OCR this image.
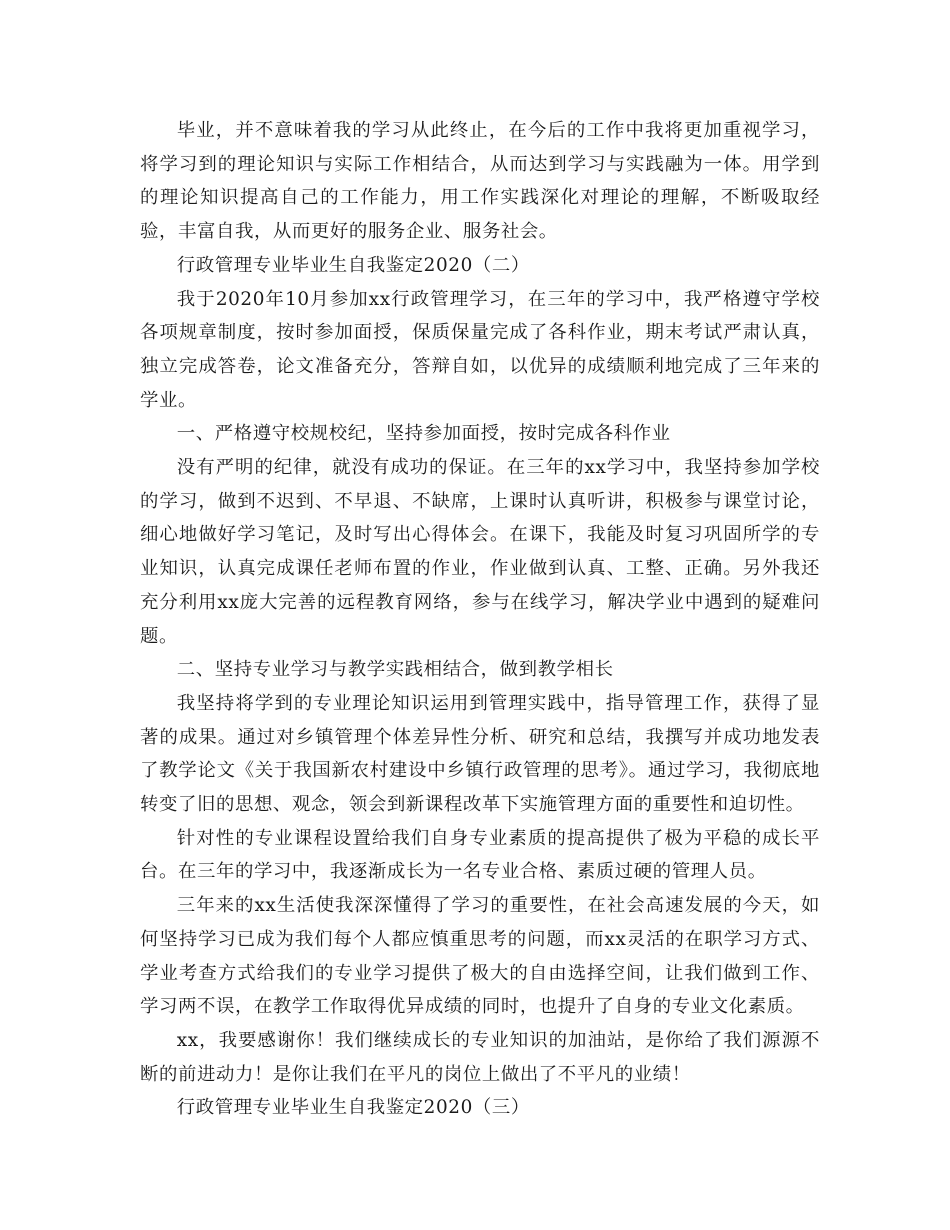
毕业，并不意味着我的学习从此终止，在今后的工作中我将更加重视学习，将学习到的理论知识与实际工作相结合，从而达到学习与实践融为一体。用学到的理论知识提高自己的工作能力，用工作实践深化对理论的理解，不断吸取经验，丰富自我，从而更好的服务企业、服务社会。

行政管理专业毕业生自我鉴定2020（二）

我于2020年10月参加xx行政管理学习，在三年的学习中，我严格遵守学校各项规章制度，按时参加面授，保质保量完成了各科作业，期末考试严肃认真，独立完成答卷，论文准备充分，答辩自如，以优异的成绩顺利地完成了三年来的学业。

一、严格遵守校规校纪，坚持参加面授，按时完成各科作业

没有严明的纪律，就没有成功的保证。在三年的xx学习中，我坚持参加学校的学习，做到不迟到、不早退、不缺席，上课时认真听讲，积极参与课堂讨论，细心地做好学习笔记，及时写出心得体会。在课下，我能及时复习巩固所学的专业知识，认真完成课任老师布置的作业，作业做到认真、工整、正确。另外我还充分利用xx庞大完善的远程教育网络，参与在线学习，解决学业中遇到的疑难问题。

二、坚持专业学习与教学实践相结合，做到教学相长

我坚持将学到的专业理论知识运用到管理实践中，指导管理工作，获得了显著的成果。通过对乡镇管理个体差异性分析、研究和总结，我撰写并成功地发表了教学论文《关于我国新农村建设中乡镇行政管理的思考》。通过学习，我彻底地转变了旧的思想、观念，领会到新课程改革下实施管理方面的重要性和迫切性。

针对性的专业课程设置给我们自身专业素质的提高提供了极为平稳的成长平台。在三年的学习中，我逐渐成长为一名专业合格、素质过硬的管理人员。

三年来的xx生活使我深深懂得了学习的重要性，在社会高速发展的今天，如何坚持学习已成为我们每个人都应慎重思考的问题，而xx灵活的在职学习方式、学业考查方式给我们的专业学习提供了极大的自由选择空间，让我们做到工作、学习两不误，在教学工作取得优异成绩的同时，也提升了自身的专业文化素质。

xx，我要感谢你！我们继续成长的专业知识的加油站，是你给了我们源源不断的前进动力！是你让我们在平凡的岗位上做出了不平凡的业绩！

行政管理专业毕业生自我鉴定2020（三）
